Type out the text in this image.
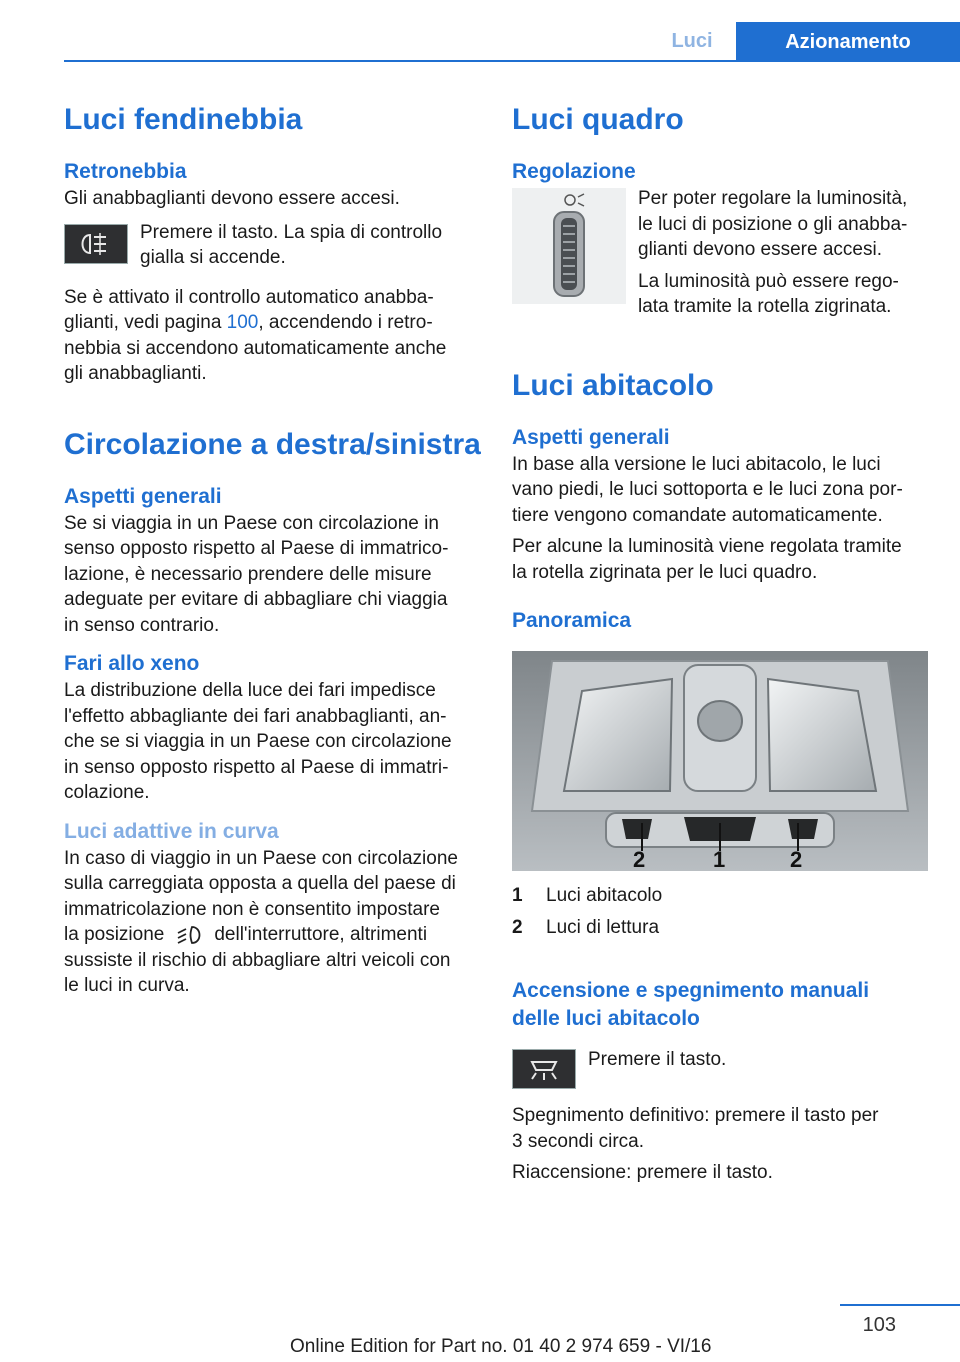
Luci	Azionamento
Luci fendinebbia
Retronebbia

Gli anabbaglianti devono essere accesi.

Premere il tasto. La spia di controllo

gialla si accende.

Se è attivato il controllo automatico anabba-

glianti, vedi pagina 100, accendendo i retro-

nebbia si accendono automaticamente anche

gli anabbaglianti.

Circolazione a destra/sinistra
Aspetti generali

Se si viaggia in un Paese con circolazione in

senso opposto rispetto al Paese di immatrico-

lazione, è necessario prendere delle misure

adeguate per evitare di abbagliare chi viaggia

in senso contrario.

Fari allo xeno

La distribuzione della luce dei fari impedisce

l'effetto abbagliante dei fari anabbaglianti, an-

che se si viaggia in un Paese con circolazione

in senso opposto rispetto al Paese di immatri-

colazione.

Luci adattive in curva

In caso di viaggio in un Paese con circolazione

sulla carreggiata opposta a quella del paese di

immatricolazione non è consentito impostare

la posizione	dell'interruttore, altrimenti

sussiste il rischio di abbagliare altri veicoli con

le luci in curva.

Luci quadro
Regolazione

Per poter regolare la luminosità,

le luci di posizione o gli anabba-

glianti devono essere accesi.

La luminosità può essere rego-

lata tramite la rotella zigrinata.

Luci abitacolo
Aspetti generali

In base alla versione le luci abitacolo, le luci

vano piedi, le luci sottoporta e le luci zona por-

tiere vengono comandate automaticamente.

Per alcune la luminosità viene regolata tramite

la rotella zigrinata per le luci quadro.

Panoramica
2	1	2
1	Luci abitacolo
2	Luci di lettura
Accensione e spegnimento manuali
delle luci abitacolo

Premere il tasto.

Spegnimento definitivo: premere il tasto per

3 secondi circa.

Riaccensione: premere il tasto.

103
Online Edition for Part no. 01 40 2 974 659 - VI/16
